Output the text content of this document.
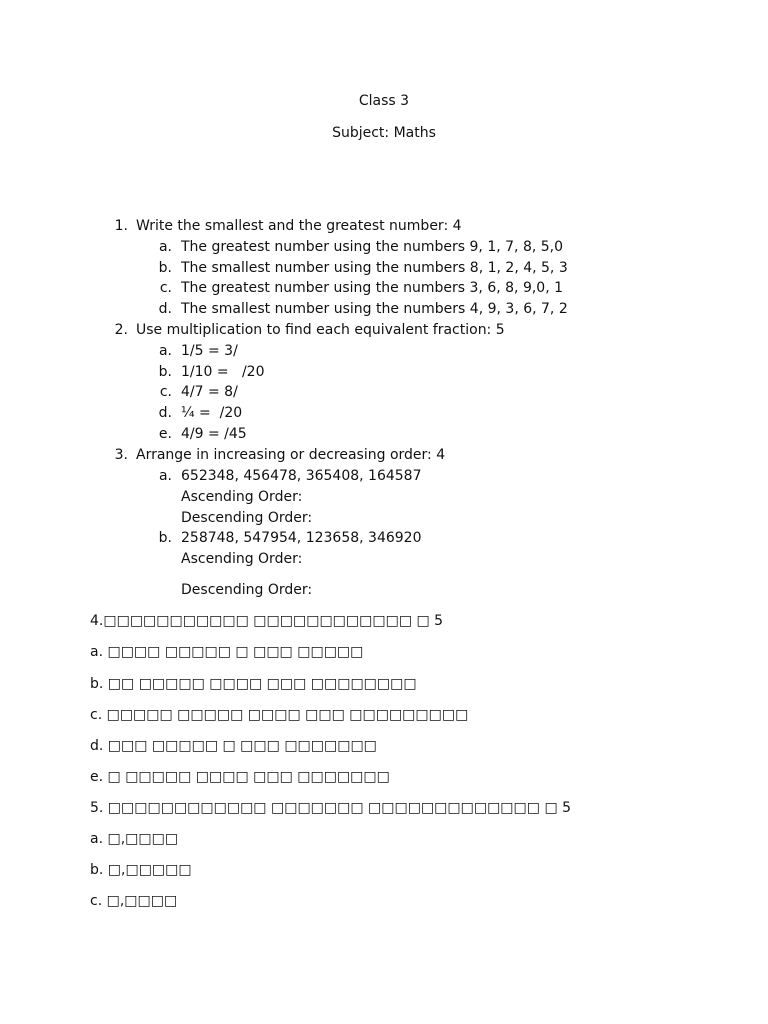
Class 3
Subject: Maths
1. Write the smallest and the greatest number: 4
a. The greatest number using the numbers 9, 1, 7, 8, 5,0
b. The smallest number using the numbers 8, 1, 2, 4, 5, 3
c. The greatest number using the numbers 3, 6, 8, 9,0, 1
d. The smallest number using the numbers 4, 9, 3, 6, 7, 2
2. Use multiplication to find each equivalent fraction: 5
a. 1/5 = 3/
b. 1/10 =   /20
c. 4/7 = 8/
d. ¼ =  /20
e. 4/9 = /45
3. Arrange in increasing or decreasing order: 4
a. 652348, 456478, 365408, 164587
Ascending Order:
Descending Order:
b. 258748, 547954, 123658, 346920
Ascending Order:
Descending Order:
4.□□□□□□□□□□□ □□□□□□□□□□□□ □ 5
a. □□□□ □□□□□ □ □□□ □□□□□
b. □□ □□□□□ □□□□ □□□ □□□□□□□□
c. □□□□□ □□□□□ □□□□ □□□ □□□□□□□□□
d. □□□ □□□□□ □ □□□ □□□□□□□
e. □ □□□□□ □□□□ □□□ □□□□□□□
5. □□□□□□□□□□□□ □□□□□□□ □□□□□□□□□□□□□ □ 5
a. □,□□□□
b. □,□□□□□
c. □,□□□□
